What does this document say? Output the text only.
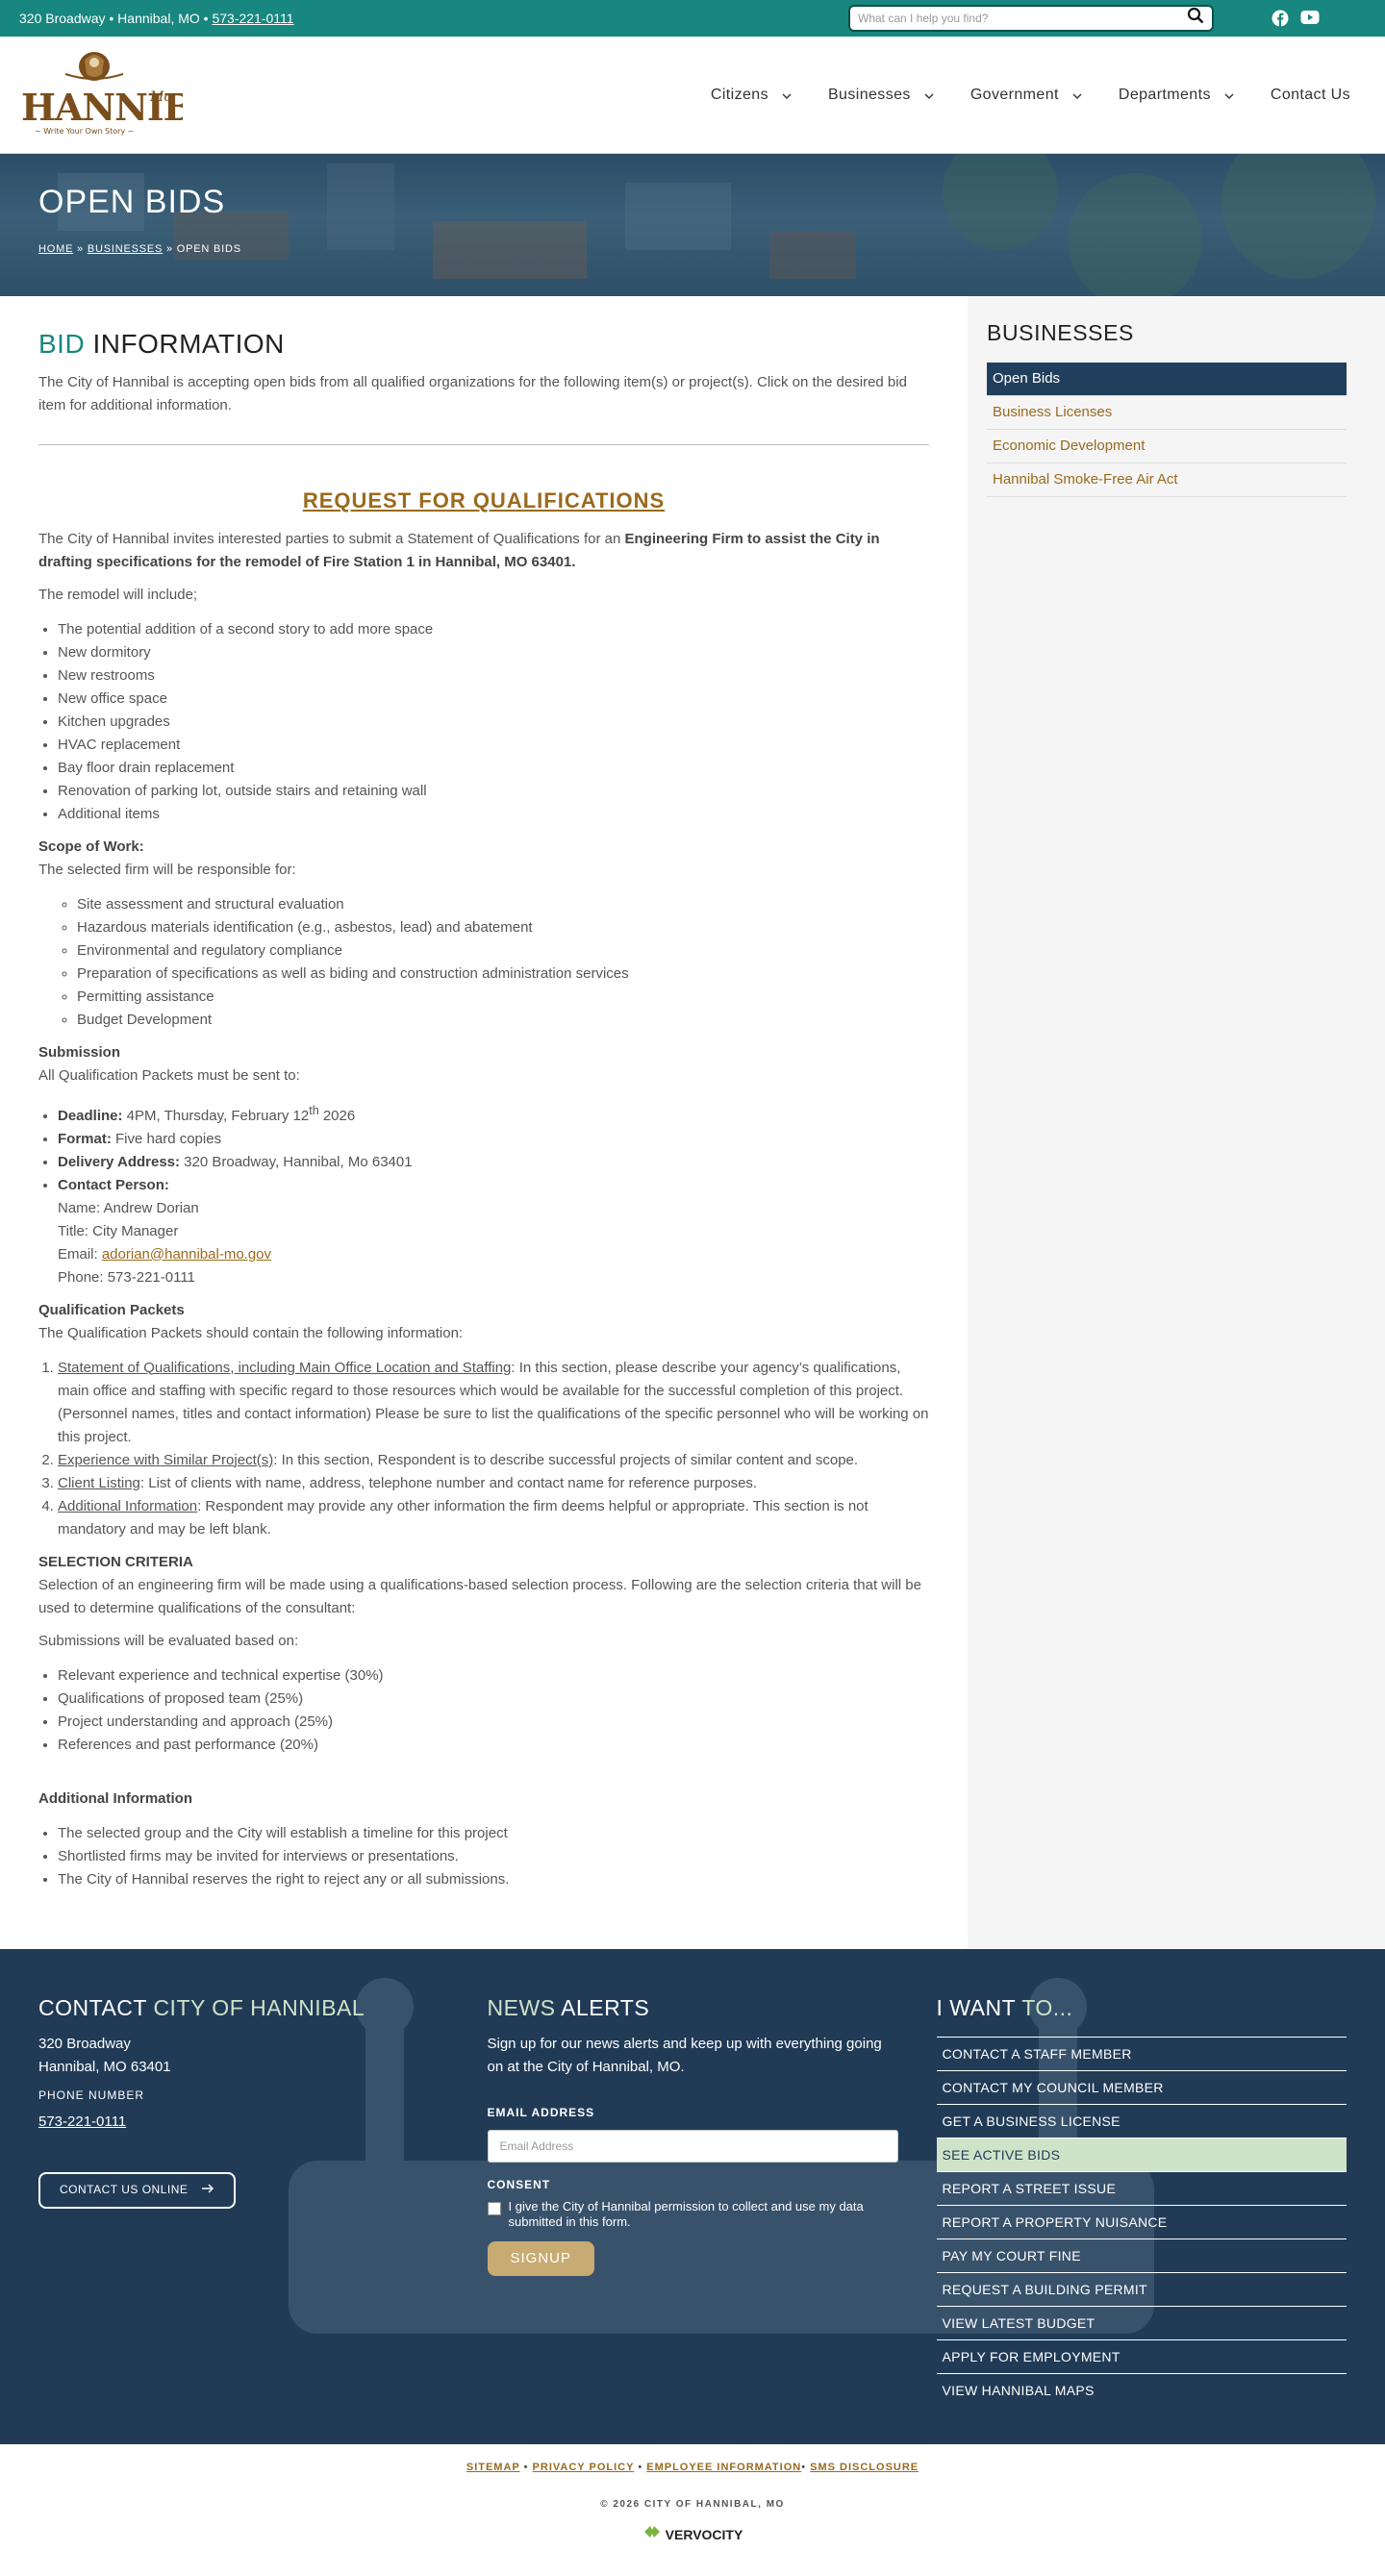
320 Broadway • Hannibal, MO • 573-221-0111
What can I help you find?
HANNIB
Mo
~ Write Your Own Story ~
Citizens	Businesses	Government	Departments	Contact Us
OPEN BIDS
HOME » BUSINESSES » OPEN BIDS
BID INFORMATION

The City of Hannibal is accepting open bids from all qualified organizations for the following item(s) or project(s). Click on the desired bid item for additional information.

REQUEST FOR QUALIFICATIONS

The City of Hannibal invites interested parties to submit a Statement of Qualifications for an Engineering Firm to assist the City in drafting specifications for the remodel of Fire Station 1 in Hannibal, MO 63401.

The remodel will include;

• The potential addition of a second story to add more space
• New dormitory
• New restrooms
• New office space
• Kitchen upgrades
• HVAC replacement
• Bay floor drain replacement
• Renovation of parking lot, outside stairs and retaining wall
• Additional items
Scope of Work:
The selected firm will be responsible for:
◦ Site assessment and structural evaluation
◦ Hazardous materials identification (e.g., asbestos, lead) and abatement
◦ Environmental and regulatory compliance
◦ Preparation of specifications as well as biding and construction administration services
◦ Permitting assistance
◦ Budget Development
Submission
All Qualification Packets must be sent to:
• Deadline: 4PM, Thursday, February 12th 2026
• Format: Five hard copies
• Delivery Address: 320 Broadway, Hannibal, Mo 63401
• Contact Person:
Name: Andrew Dorian
Title: City Manager
Email: adorian@hannibal-mo.gov
Phone: 573-221-0111
Qualification Packets
The Qualification Packets should contain the following information:
1. Statement of Qualifications, including Main Office Location and Staffing: In this section, please describe your agency’s qualifications, main office and staffing with specific regard to those resources which would be available for the successful completion of this project. (Personnel names, titles and contact information) Please be sure to list the qualifications of the specific personnel who will be working on this project.
2. Experience with Similar Project(s): In this section, Respondent is to describe successful projects of similar content and scope.
3. Client Listing: List of clients with name, address, telephone number and contact name for reference purposes.
4. Additional Information: Respondent may provide any other information the firm deems helpful or appropriate. This section is not mandatory and may be left blank.
SELECTION CRITERIA
Selection of an engineering firm will be made using a qualifications-based selection process. Following are the selection criteria that will be used to determine qualifications of the consultant:

Submissions will be evaluated based on:

• Relevant experience and technical expertise (30%)
• Qualifications of proposed team (25%)
• Project understanding and approach (25%)
• References and past performance (20%)
Additional Information
• The selected group and the City will establish a timeline for this project
• Shortlisted firms may be invited for interviews or presentations.
• The City of Hannibal reserves the right to reject any or all submissions.
BUSINESSES
Open Bids
Business Licenses
Economic Development
Hannibal Smoke-Free Air Act
CONTACT CITY OF HANNIBAL

320 Broadway
Hannibal, MO 63401

PHONE NUMBER
573-221-0111
CONTACT US ONLINE
NEWS ALERTS

Sign up for our news alerts and keep up with everything going on at the City of Hannibal, MO.

EMAIL ADDRESS
Email Address
CONSENT
I give the City of Hannibal permission to collect and use my data submitted in this form.
SIGNUP
I WANT TO...
CONTACT A STAFF MEMBER
CONTACT MY COUNCIL MEMBER
GET A BUSINESS LICENSE
SEE ACTIVE BIDS
REPORT A STREET ISSUE
REPORT A PROPERTY NUISANCE
PAY MY COURT FINE
REQUEST A BUILDING PERMIT
VIEW LATEST BUDGET
APPLY FOR EMPLOYMENT
VIEW HANNIBAL MAPS
SITEMAP • PRIVACY POLICY • EMPLOYEE INFORMATION• SMS DISCLOSURE
© 2026 CITY OF HANNIBAL, MO
VERVOCITY
